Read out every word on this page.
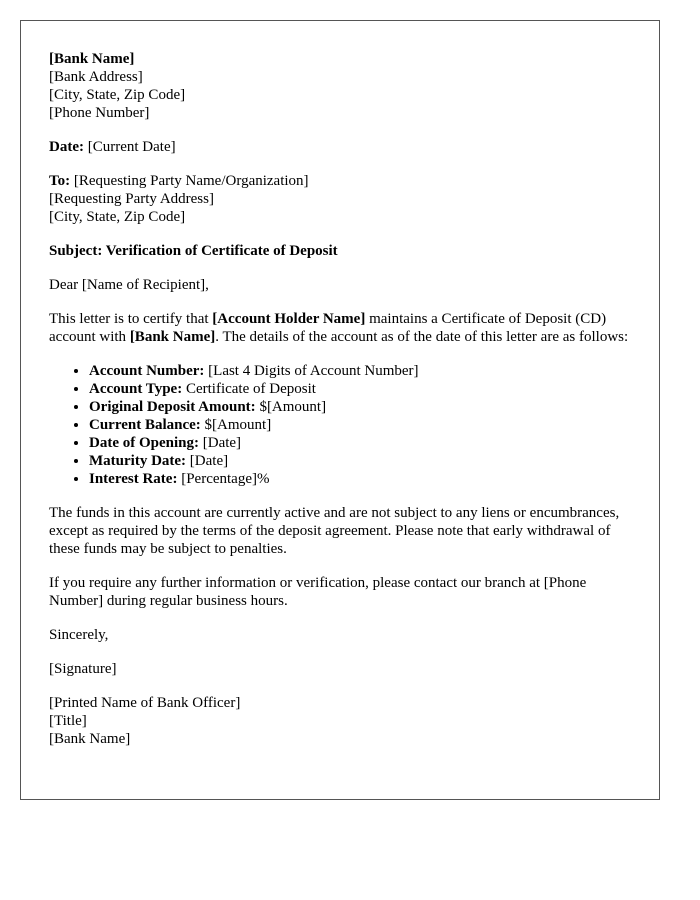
[Bank Name]
[Bank Address]
[City, State, Zip Code]
[Phone Number]
Date: [Current Date]
To: [Requesting Party Name/Organization]
[Requesting Party Address]
[City, State, Zip Code]
Subject: Verification of Certificate of Deposit

Dear [Name of Recipient],

This letter is to certify that [Account Holder Name] maintains a Certificate of Deposit (CD) account with [Bank Name]. The details of the account as of the date of this letter are as follows:

• Account Number: [Last 4 Digits of Account Number]
• Account Type: Certificate of Deposit
• Original Deposit Amount: $[Amount]
• Current Balance: $[Amount]
• Date of Opening: [Date]
• Maturity Date: [Date]
• Interest Rate: [Percentage]%

The funds in this account are currently active and are not subject to any liens or encumbrances, except as required by the terms of the deposit agreement. Please note that early withdrawal of these funds may be subject to penalties.

If you require any further information or verification, please contact our branch at [Phone Number] during regular business hours.

Sincerely,

[Signature]

[Printed Name of Bank Officer]
[Title]
[Bank Name]
